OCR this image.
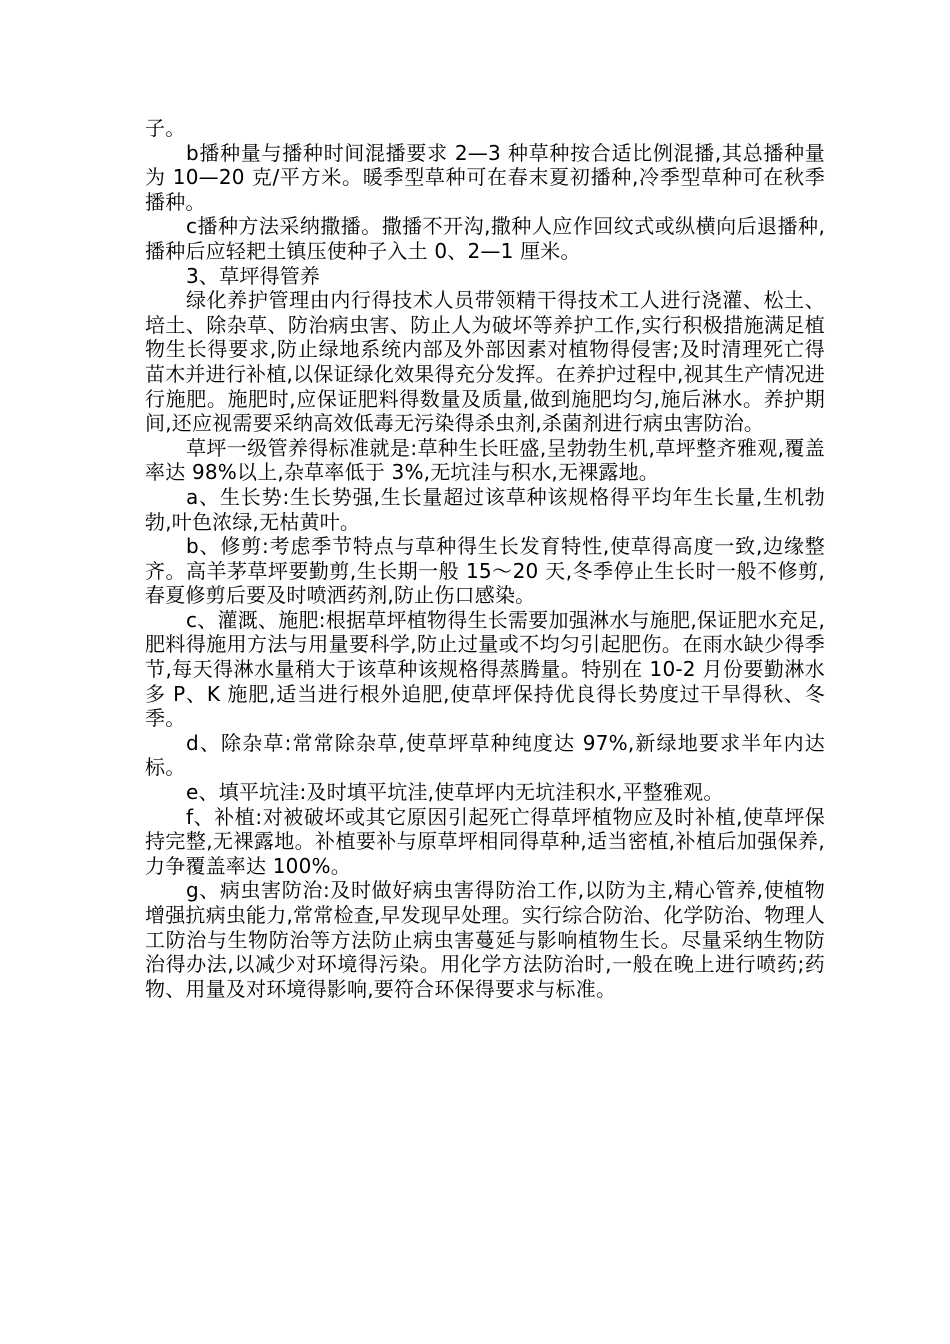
子。

b播种量与播种时间混播要求 2—3 种草种按合适比例混播,其总播种量为 10—20 克/平方米。暖季型草种可在春末夏初播种,冷季型草种可在秋季播种。

c播种方法采纳撒播。撒播不开沟,撒种人应作回纹式或纵横向后退播种,播种后应轻耙土镇压使种子入土 0、2—1 厘米。

3、草坪得管养

绿化养护管理由内行得技术人员带领精干得技术工人进行浇灌、松土、培土、除杂草、防治病虫害、防止人为破坏等养护工作,实行积极措施满足植物生长得要求,防止绿地系统内部及外部因素对植物得侵害;及时清理死亡得苗木并进行补植,以保证绿化效果得充分发挥。在养护过程中,视其生产情况进行施肥。施肥时,应保证肥料得数量及质量,做到施肥均匀,施后淋水。养护期间,还应视需要采纳高效低毒无污染得杀虫剂,杀菌剂进行病虫害防治。

草坪一级管养得标准就是:草种生长旺盛,呈勃勃生机,草坪整齐雅观,覆盖率达 98%以上,杂草率低于 3%,无坑洼与积水,无裸露地。

a、生长势:生长势强,生长量超过该草种该规格得平均年生长量,生机勃勃,叶色浓绿,无枯黄叶。

b、修剪:考虑季节特点与草种得生长发育特性,使草得高度一致,边缘整齐。高羊茅草坪要勤剪,生长期一般 15～20 天,冬季停止生长时一般不修剪,春夏修剪后要及时喷洒药剂,防止伤口感染。

c、灌溉、施肥:根据草坪植物得生长需要加强淋水与施肥,保证肥水充足,肥料得施用方法与用量要科学,防止过量或不均匀引起肥伤。在雨水缺少得季节,每天得淋水量稍大于该草种该规格得蒸腾量。特别在 10-2 月份要勤淋水多 P、K 施肥,适当进行根外追肥,使草坪保持优良得长势度过干旱得秋、冬季。

d、除杂草:常常除杂草,使草坪草种纯度达 97%,新绿地要求半年内达标。

e、填平坑洼:及时填平坑洼,使草坪内无坑洼积水,平整雅观。

f、补植:对被破坏或其它原因引起死亡得草坪植物应及时补植,使草坪保持完整,无裸露地。补植要补与原草坪相同得草种,适当密植,补植后加强保养,力争覆盖率达 100%。

g、病虫害防治:及时做好病虫害得防治工作,以防为主,精心管养,使植物增强抗病虫能力,常常检查,早发现早处理。实行综合防治、化学防治、物理人工防治与生物防治等方法防止病虫害蔓延与影响植物生长。尽量采纳生物防治得办法,以减少对环境得污染。用化学方法防治时,一般在晚上进行喷药;药物、用量及对环境得影响,要符合环保得要求与标准。
